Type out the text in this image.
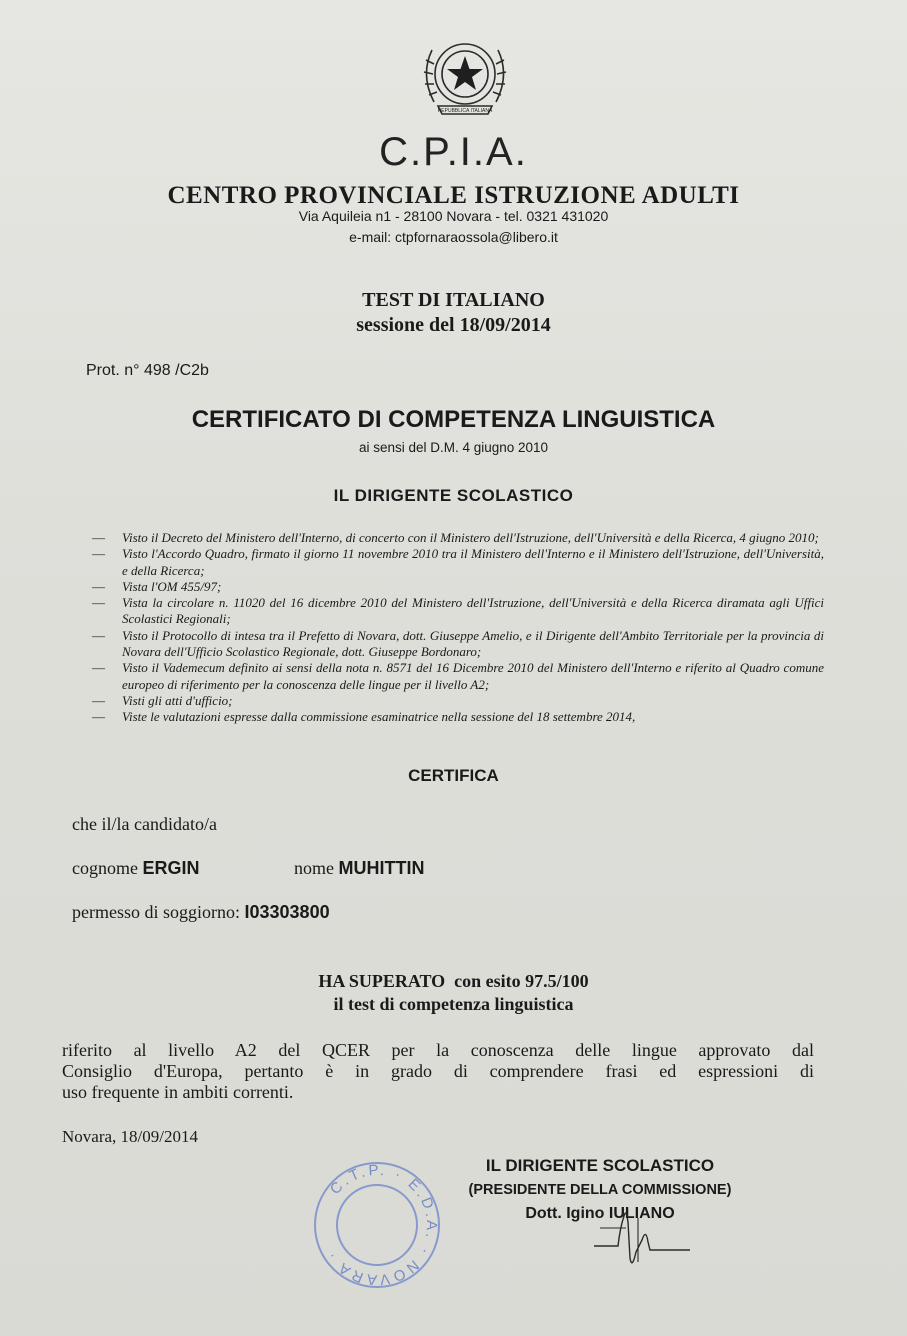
REPUBBLICA ITALIANA
C.P.I.A.
CENTRO PROVINCIALE ISTRUZIONE ADULTI
Via Aquileia n1 - 28100 Novara - tel. 0321 431020
e-mail: ctpfornaraossola@libero.it
TEST DI ITALIANO
sessione del 18/09/2014
Prot. n° 498 /C2b
CERTIFICATO DI COMPETENZA LINGUISTICA
ai sensi del D.M. 4 giugno 2010
IL DIRIGENTE SCOLASTICO
— Visto il Decreto del Ministero dell'Interno, di concerto con il Ministero dell'Istruzione, dell'Università e della Ricerca, 4 giugno 2010;
— Visto l'Accordo Quadro, firmato il giorno 11 novembre 2010 tra il Ministero dell'Interno e il Ministero dell'Istruzione, dell'Università, e della Ricerca;
— Vista l'OM 455/97;
— Vista la circolare n. 11020 del 16 dicembre 2010 del Ministero dell'Istruzione, dell'Università e della Ricerca diramata agli Uffici Scolastici Regionali;
— Visto il Protocollo di intesa tra il Prefetto di Novara, dott. Giuseppe Amelio, e il Dirigente dell'Ambito Territoriale per la provincia di Novara dell'Ufficio Scolastico Regionale, dott. Giuseppe Bordonaro;
— Visto il Vademecum definito ai sensi della nota n. 8571 del 16 Dicembre 2010 del Ministero dell'Interno e riferito al Quadro comune europeo di riferimento per la conoscenza delle lingue per il livello A2;
— Visti gli atti d'ufficio;
— Viste le valutazioni espresse dalla commissione esaminatrice nella sessione del 18 settembre 2014,
CERTIFICA
che il/la candidato/a
cognome ERGIN	nome MUHITTIN
permesso di soggiorno: I03303800
HA SUPERATO  con esito 97.5/100
il test di competenza linguistica

riferito al livello A2 del QCER per la conoscenza delle lingue approvato dal
Consiglio d'Europa, pertanto è in grado di comprendere frasi ed espressioni di
uso frequente in ambiti correnti.

Novara, 18/09/2014
C.T.P. · E.D.A. · NOVARA ·
IL DIRIGENTE SCOLASTICO
(PRESIDENTE DELLA COMMISSIONE)
Dott. Igino IULIANO
